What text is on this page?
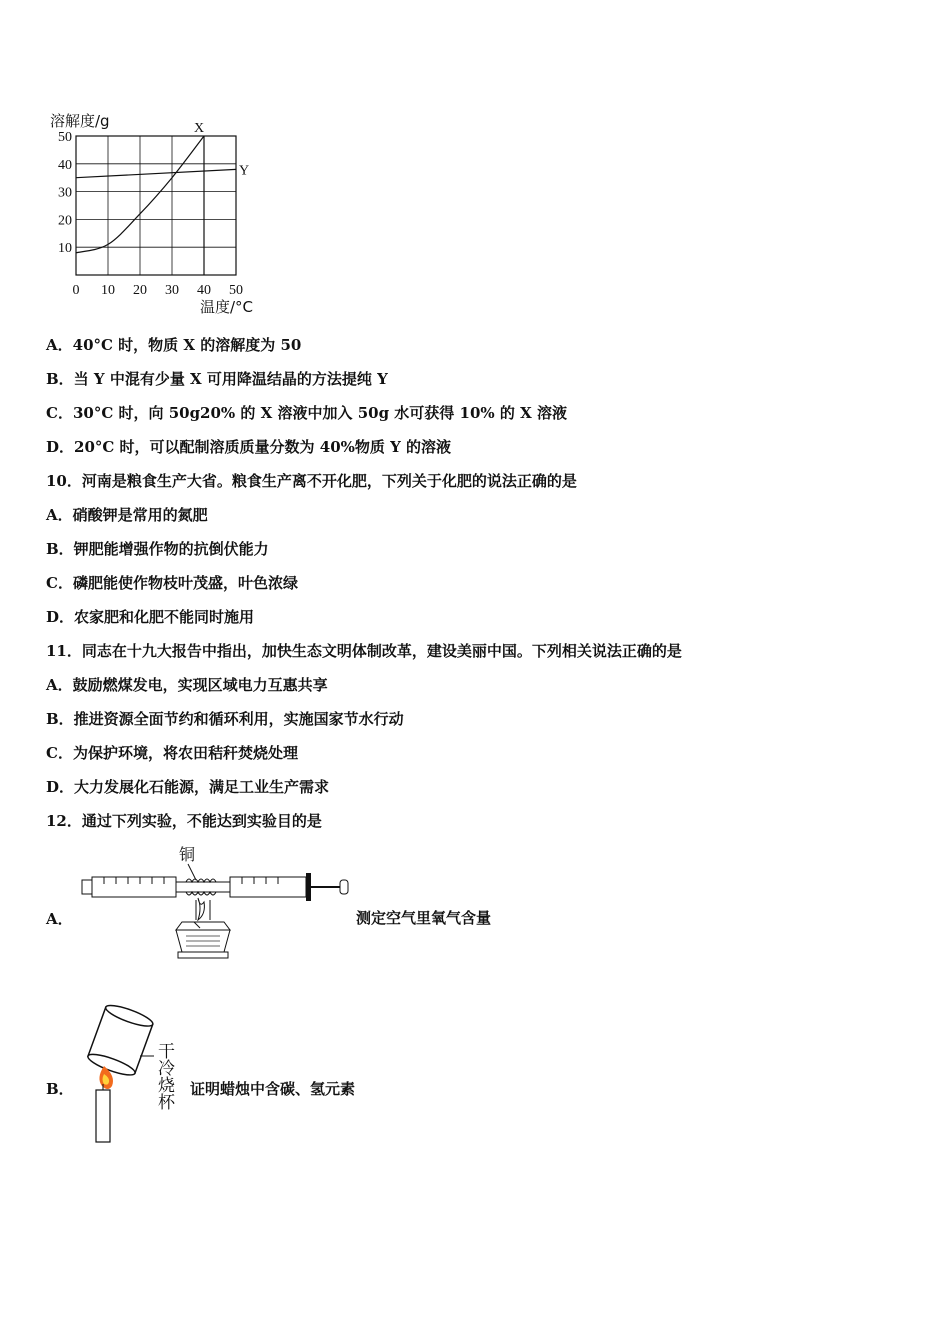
溶解度/g
0 10 20 30 40 50
10
20
30
40
50
X
Y
温度/°C
A．40°C 时，物质 X 的溶解度为 50
B．当 Y 中混有少量 X 可用降温结晶的方法提纯 Y
C．30°C 时，向 50g20% 的 X 溶液中加入 50g 水可获得 10% 的 X 溶液
D．20°C 时，可以配制溶质质量分数为 40%物质 Y 的溶液
10．河南是粮食生产大省。粮食生产离不开化肥，下列关于化肥的说法正确的是
A．硝酸钾是常用的氮肥
B．钾肥能增强作物的抗倒伏能力
C．磷肥能使作物枝叶茂盛，叶色浓绿
D．农家肥和化肥不能同时施用
11．同志在十九大报告中指出，加快生态文明体制改革，建设美丽中国。下列相关说法正确的是
A．鼓励燃煤发电，实现区域电力互惠共享
B．推进资源全面节约和循环利用，实施国家节水行动
C．为保护环境，将农田秸秆焚烧处理
D．大力发展化石能源，满足工业生产需求
12．通过下列实验，不能达到实验目的是
A．
铜
测定空气里氧气含量
B．	干冷烧杯 证明蜡烛中含碳、氢元素
